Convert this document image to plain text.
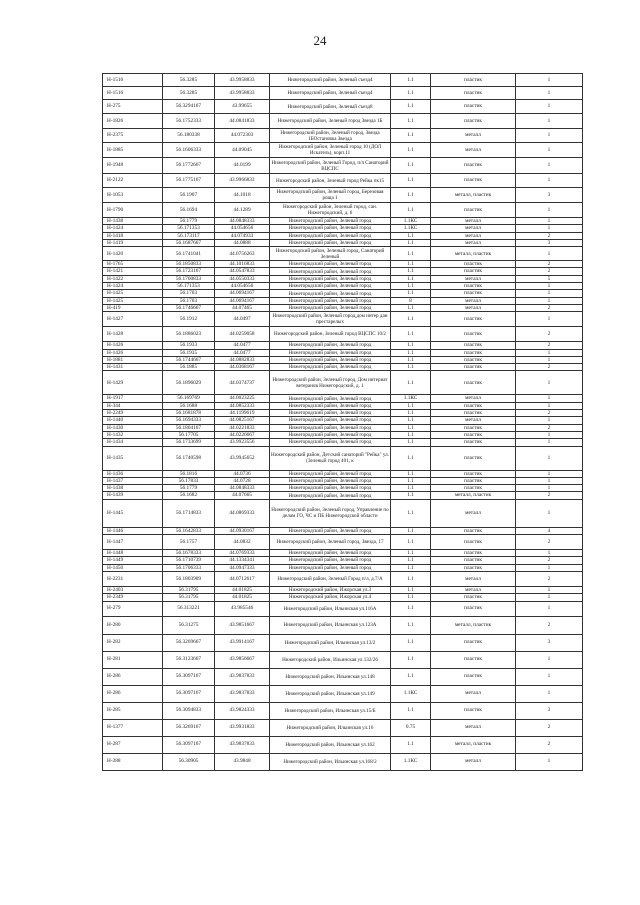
24
Н-1516	56.3285	43.9958833	Нижегородский район, Зеленый съезд4	1.1	пластик	1
Н-1516	56.3285	43.9958833	Нижегородский район, Зеленый съезд4	1.1	пластик	1
Н-275	56.3294167	43.99655	Нижегородский район, Зеленый съезд8	1.1	пластик	1
Н-1826	56.1752333	44.0841833	Нижегородский район, Зеленый город Звезда 1Б	1.1	пластик	1
Н-2375	56.180338	44.072303	Нижегородский район, Зеленый город, Звезда 1БОстановка Звезда	1.1	металл	1
Н-1885	56.1606333	44.09045	Нижегородский район, Зеленый город 10 (ДОЛ Искатель), корп.11	1.1	металл	1
Н-1948	56.1772667	44.0199	Нижегородский район, Зеленый Город, п/л Санаторий ВЦСПС	1.1	пластик	1
Н-2122	56.1775167	43.9966833	Нижегородский район, Зеленый город Рейка пк15	1.1	пластик	1
Н-1053	56.1907	44.1018	Нижегородский район, Зеленый город, Березовая роща 1	1.1	металл, пластик	3
Н-1790	56.1694	44.1289	Нижегородский район, Зеленый город, сан. Нижегородский, д. 6	1.1	пластик	1
Н-1438	56.1779	44.0848333	Нижегородский район, Зеленый город	1.1КС	металл	1
Н-1424	56.171353	44.054656	Нижегородский район, Зеленый город	1.1КС	металл	1
Н-1418	56.173117	44.074933	Нижегородский район, Зеленый город	1.1	металл	2
Н-1419	56.1687667	44.0888	Нижегородский район, Зеленый город	1.1	металл	3
Н-1420	56.1741041	44.0756263	Нижегородский район, Зеленый город, Санаторий Зеленый	1.1	металл, пластик	1
Н-1765	56.1850833	44.1016833	Нижегородский район, Зеленый город	1.1	пластик	2
Н-1421	56.1723167	44.0547833	Нижегородский район, Зеленый город	1.1	пластик	2
Н-1422	56.1700833	44.0550333	Нижегородский район, Зеленый город	1.1	металл	5
Н-1424	56.171353	44.054656	Нижегородский район, Зеленый город	1.1	пластик	1
Н-1425	56.1703	44.0694167	Нижегородский район, Зеленый город	1.1	пластик	1
Н-1425	56.1703	44.0694167	Нижегородский район, Зеленый город	8	металл	1
Н-419	56.1746667	44.07465	Нижегородский район, Зеленый город	1.1	металл	2
Н-1427	56.1912	44.0497	Нижегородский район, Зеленый город,дом интер дан престарелых	1.1	пластик	1
Н-1428	56.1886023	44.0259058	Нижегородский район, Зеленый город ВЦСПС 10/2	1.1	пластик	2
Н-1426	56.1933	44.0477	Нижегородский район, Зеленый город	1.1	пластик	2
Н-1426	56.1935	44.0477	Нижегородский район, Зеленый город	1.1	пластик	1
Н-1881	56.1744667	44.0882833	Нижегородский район, Зеленый город	1.1	пластик	1
Н-1431	56.1885	44.0368167	Нижегородский район, Зеленый город	1.1	пластик	2
Н-1429	56.1896029	44.0374737	Нижегородский район, Зеленый город, Дом интернат ветеранов Нижегородский, д. 1	1.1	пластик	1
Н-1917	56.169769	44.0023225	Нижегородский район, Зеленый город	1.1КС	металл	1
Н-344	56.1688	44.0852333	Нижегородский район, Зеленый город	1.1	пластик	1
Н-2249	56.1681878	44.1199619	Нижегородский район, Зеленый город	1.1	пластик	2
Н-1440	56.1694333	44.0825167	Нижегородский район, Зеленый город	1.1	металл	1
Н-1430	56.1804167	44.0221833	Нижегородский район, Зеленый город	1.1	пластик	2
Н-1432	56.17705	44.0226667	Нижегородский район, Зеленый город	1.1	пластик	1
Н-1434	56.1733699	43.9923556	Нижегородский район, Зеленый город	1.1	пластик	1
Н-1435	56.1740598	43.9945652	Нижегородский район, Детский санаторий "Рейка" ул. (Зеленый город 401, к	1.1	пластик	1
Н-1436	56.1816	44.0736	Нижегородский район, Зеленый город	1.1	пластик	1
Н-1437	56.17833	44.0728	Нижегородский район, Зеленый город	1.1	пластик	1
Н-1438	56.1779	44.0848333	Нижегородский район, Зеленый город	1.1	пластик	1
Н-1439	56.1682	44.07665	Нижегородский район, Зеленый город	1.1	металл, пластик	2
Н-1445	56.1714833	44.0869333	Нижегородский район, Зеленый город, Управление по делам ГО, ЧС и ПБ Нижегородской области	1.1	металл	1
Н-1446	56.1642833	44.0930167	Нижегородский район, Зеленый город	1.1	пластик	4
Н-1447	56.1757	44.0832	Нижегородский район, Зеленый город, Звезда, 17	1.1	пластик	2
Н-1448	56.1678333	44.0769333	Нижегородский район, Зеленый город	1.1	пластик	1
Н-1449	56.1710739	44.1334341	Нижегородский район, Зеленый город	1.1	пластик	2
Н-1450	56.1706333	44.0947333	Нижегородский район, Зеленый город	1.1	пластик	1
Н-2231	56.1803909	44.0712617	Нижегородский район, Зеленый Город п/л, д.7/А	1.1	металл	2
Н-2403	56.31795	44.01825	Нижегородский район, Ижорская ул.3	1.1	металл	1
Н-2349	56.31795	44.01825	Нижегородский район, Ижорская ул.4	1.1	пластик	1
Н-279	56.313221	43.985546	Нижегородский район, Ильинская ул.116А	1.1	пластик	1
Н-280	56.31275	43.9851667	Нижегородский район, Ильинская ул.123А	1.1	металл, пластик	2
Н-282	56.3269667	43.9914167	Нижегородский район, Ильинская ул.13/2	1.1	пластик	3
Н-281	56.3123667	43.9856667	Нижегородский район, Ильинская ул.132/26	1.1	пластик	1
Н-286	56.3097167	43.9837833	Нижегородский район, Ильинская ул.148	1.1	пластик	1
Н-286	56.3097167	43.9837833	Нижегородский район, Ильинская ул.149	1.1КС	металл	1
Н-285	56.3094833	43.9824333	Нижегородский район, Ильинская ул.15/Б	1.1	пластик	3
Н-1377	56.3269167	43.9931833	Нижегородский район, Ильинская ул.16	0.75	металл	2
Н-287	56.3097167	43.9837833	Нижегородский район, Ильинская ул.162	1.1	металл, пластик	2
Н-288	56.30905	43.9848	Нижегородский район, Ильинская ул.168/2	1.1КС	металл	1
